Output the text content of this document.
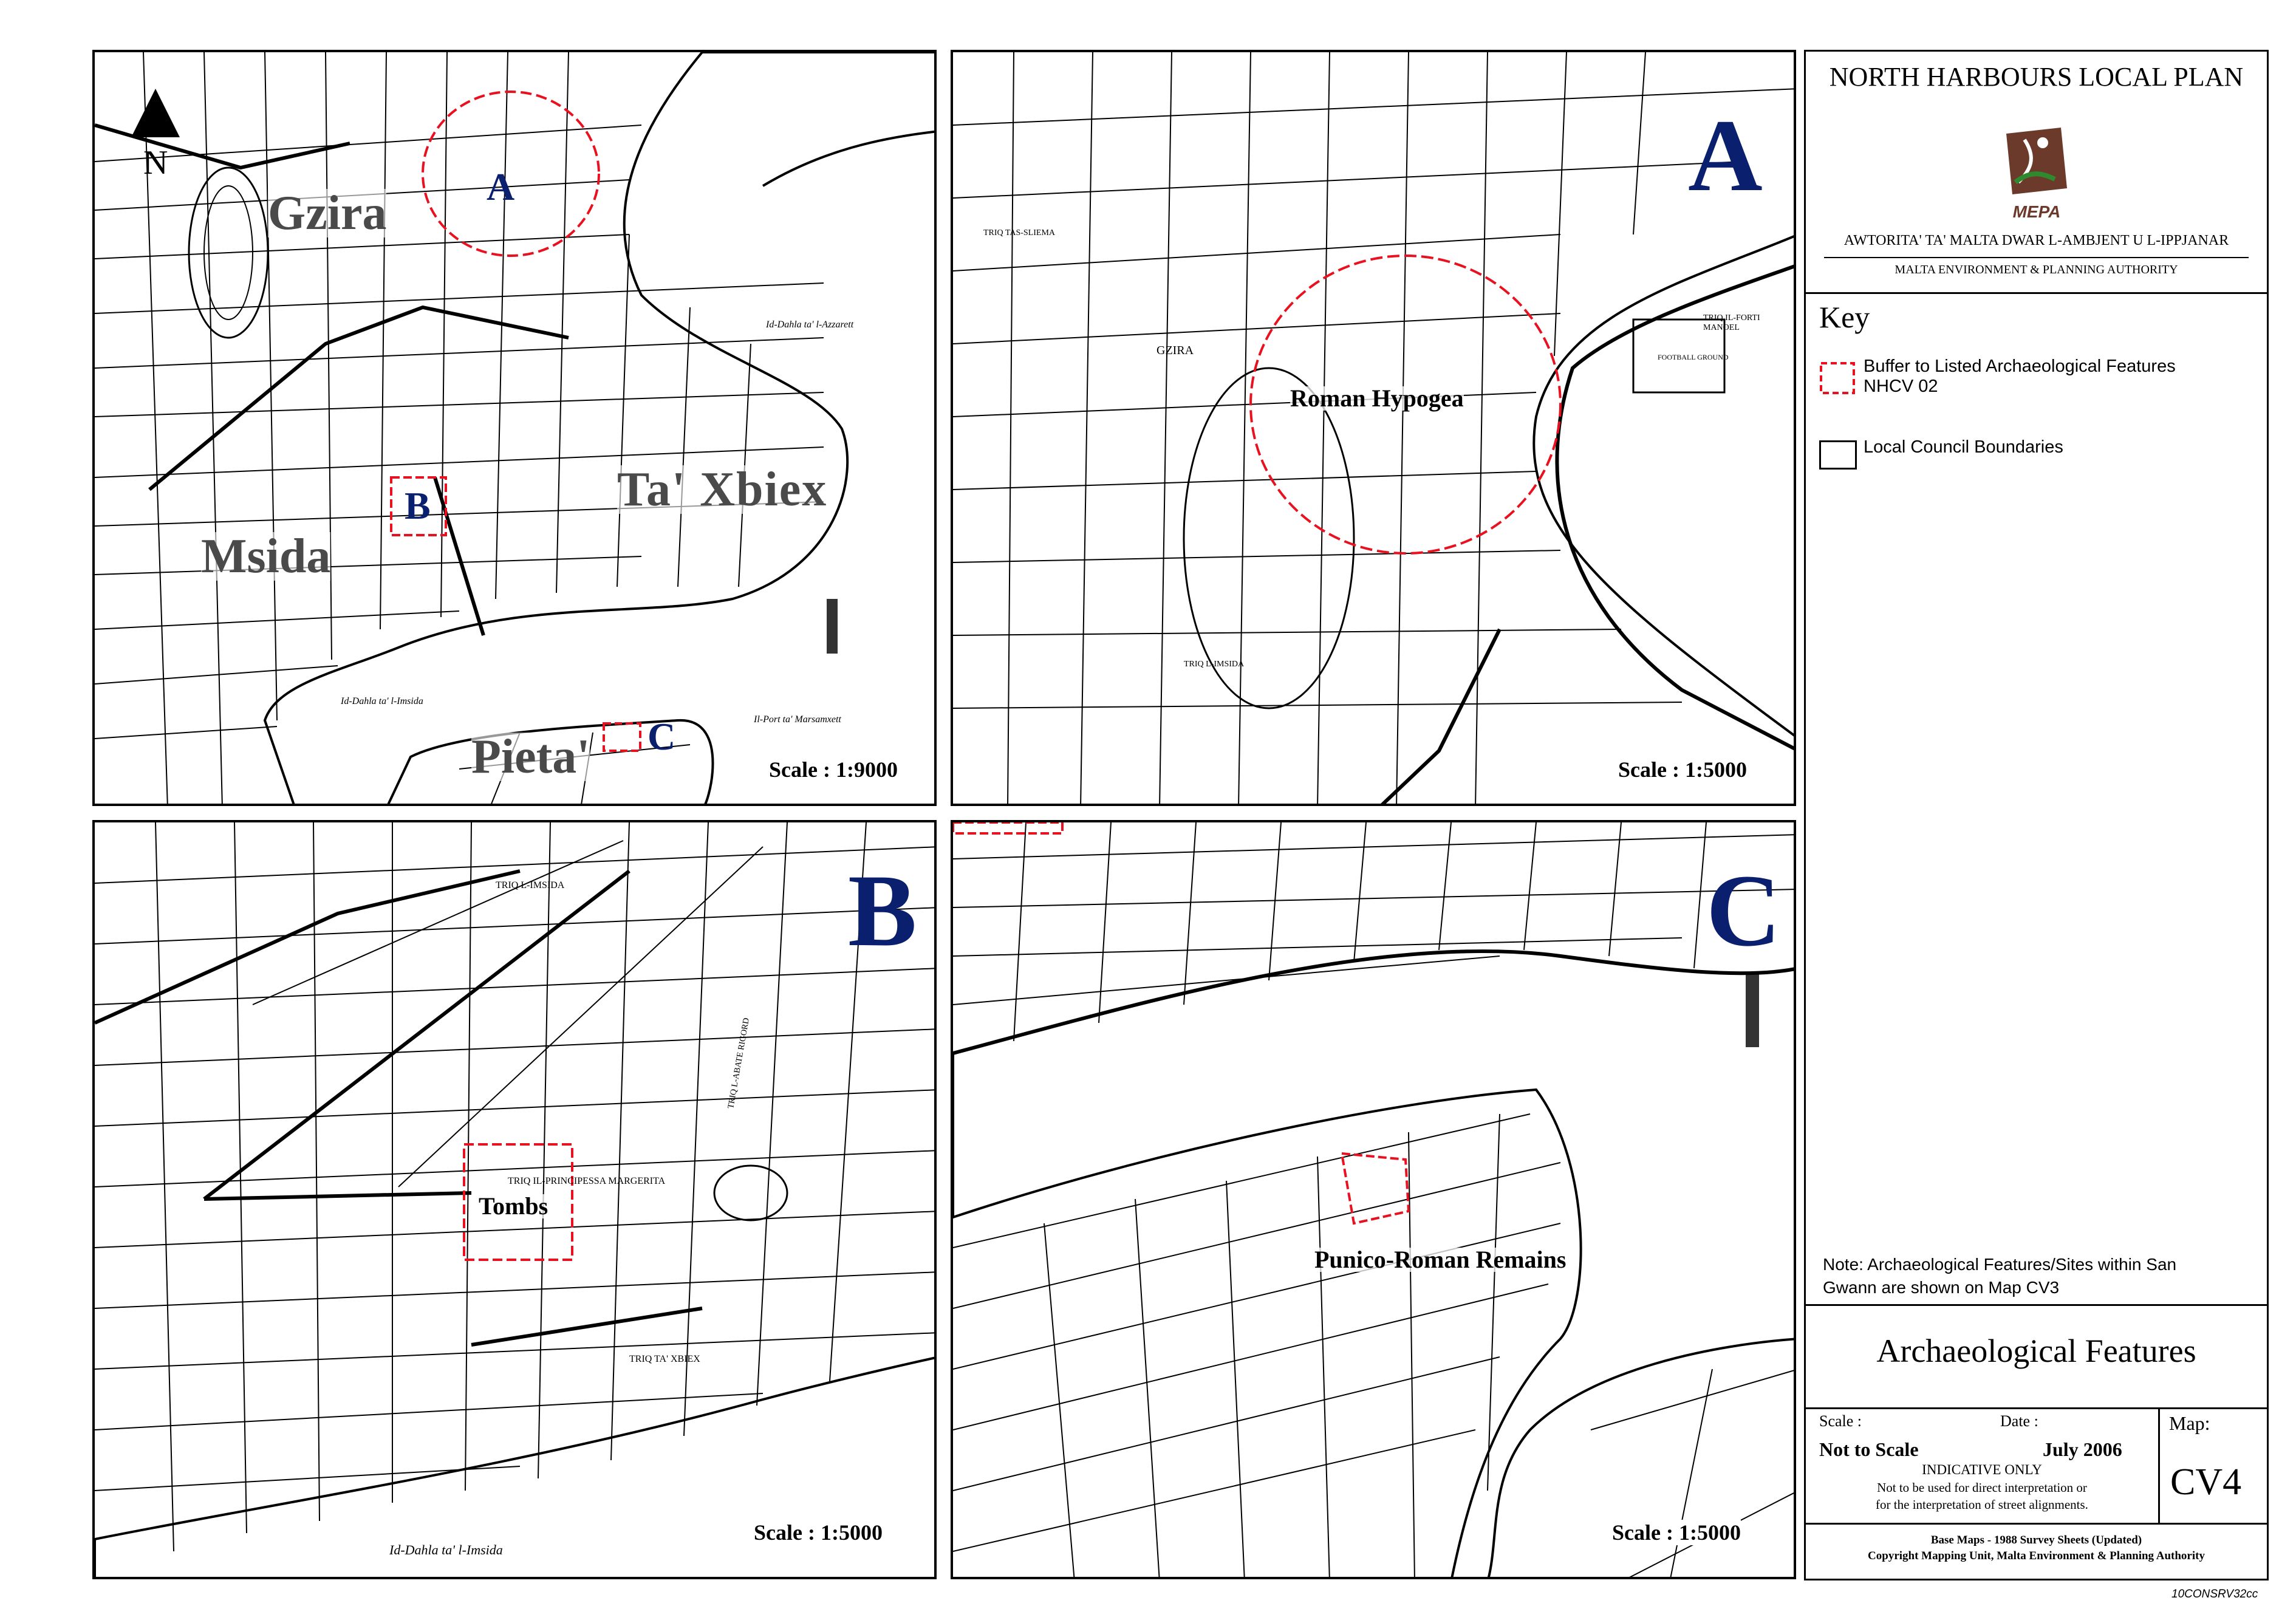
N
Gzira
Msida
Ta' Xbiex
Pieta'
A
B
C
Id-Dahla ta' l-Azzarett
Il-Port ta' Marsamxett
Id-Dahla ta' l-Imsida
Scale : 1:9000
A
Roman Hypogea
GZIRA
TRIQ IL-FORTI MANOEL
TRIQ L-IMSIDA
TRIQ TAS-SLIEMA
FOOTBALL GROUND
Scale : 1:5000
B
Tombs
TRIQ IL-PRINCIPESSA MARGERITA
TRIQ L-IMSIDA
TRIQ L-ABATE RIGORD
TRIQ TA' XBIEX
Id-Dahla ta' l-Imsida
Scale : 1:5000
C
Punico-Roman Remains
Scale : 1:5000
NORTH HARBOURS LOCAL PLAN
MEPA
AWTORITA' TA' MALTA DWAR L-AMBJENT U L-IPPJANAR
MALTA ENVIRONMENT & PLANNING AUTHORITY
Key
Buffer to Listed Archaeological Features NHCV 02
Local Council Boundaries
Note: Archaeological Features/Sites within San Gwann are shown on Map CV3
Archaeological Features
Scale :	Date :
Not to Scale	July 2006
INDICATIVE ONLY
Not to be used for direct interpretation or
for the interpretation of street alignments.
Map:
CV4
Base Maps - 1988 Survey Sheets (Updated)
Copyright Mapping Unit, Malta Environment & Planning Authority
10CONSRV32cc
